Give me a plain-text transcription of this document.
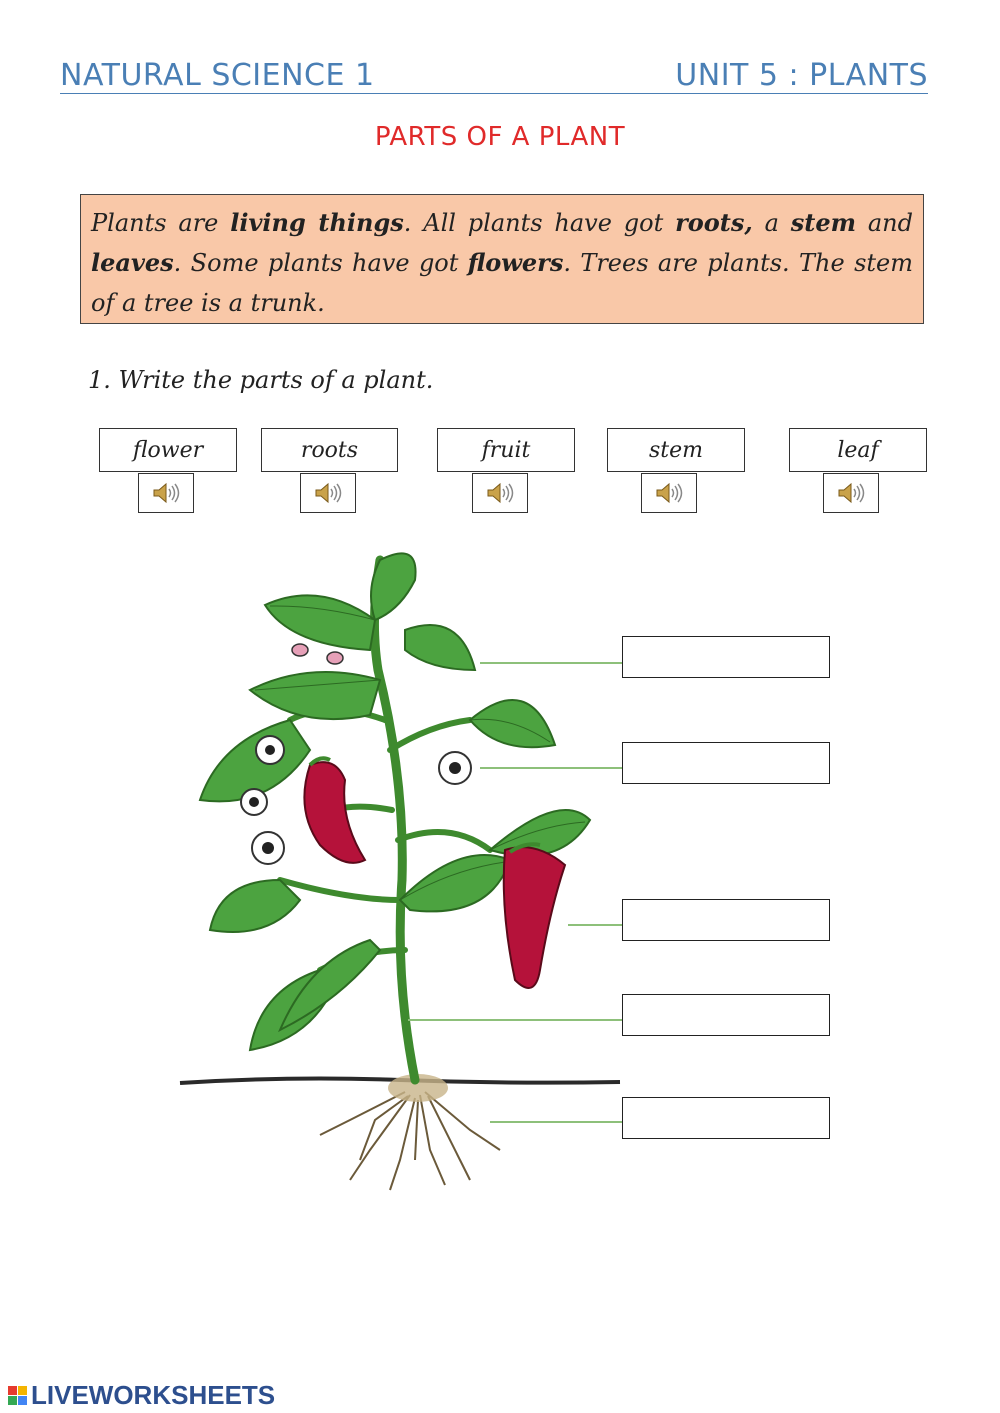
NATURAL SCIENCE 1	UNIT 5 : PLANTS
PARTS OF A PLANT

Plants are living things. All plants have got roots, a stem and leaves. Some plants have got flowers. Trees are plants. The stem of a tree is a trunk.

1. Write the parts of a plant.
flower	roots	fruit	stem	leaf
LIVEWORKSHEETS
